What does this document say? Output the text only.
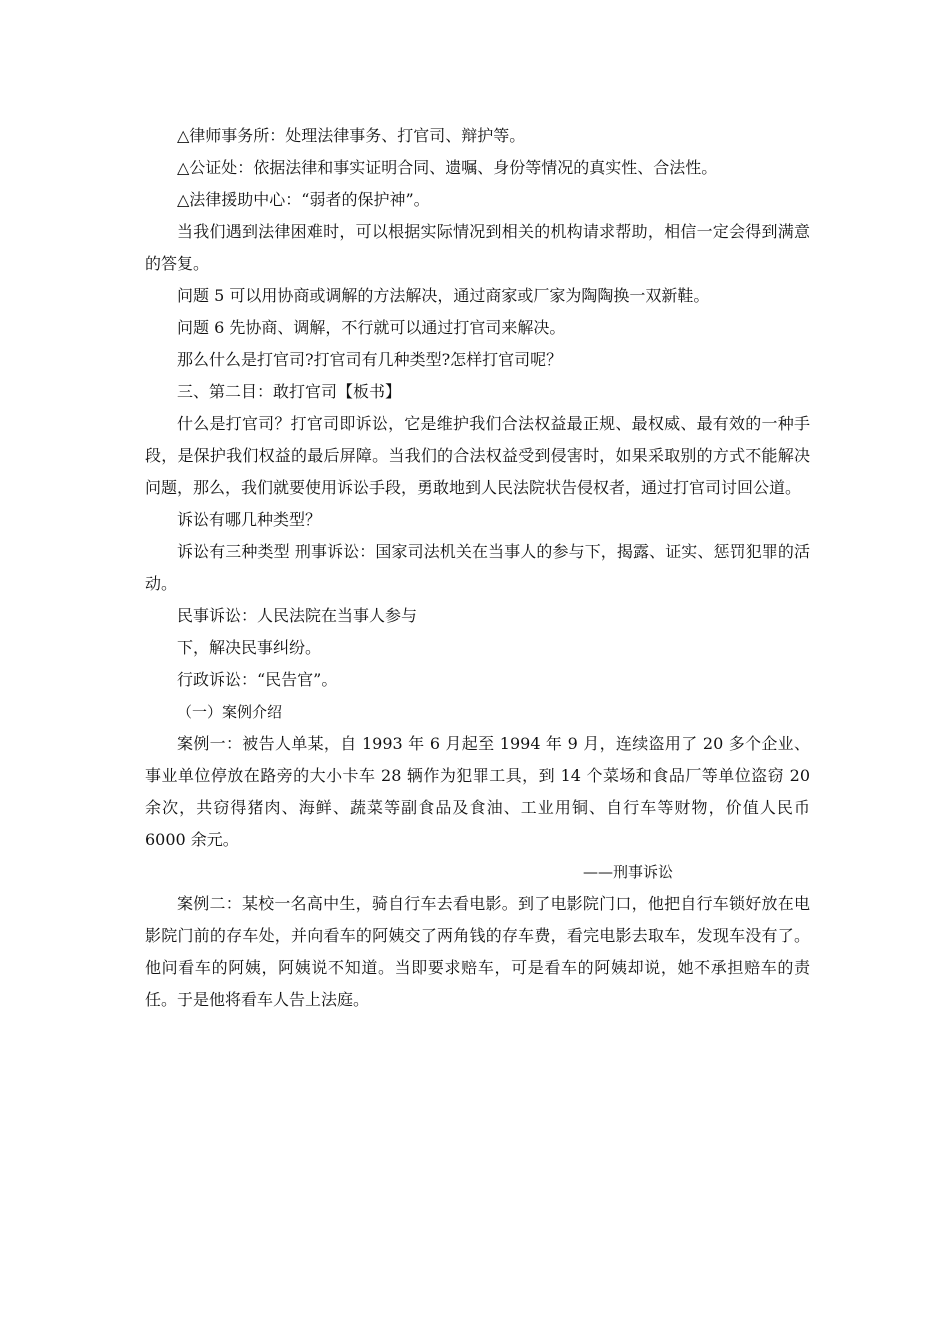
△律师事务所：处理法律事务、打官司、辩护等。

△公证处：依据法律和事实证明合同、遗嘱、身份等情况的真实性、合法性。

△法律援助中心：“弱者的保护神”。

当我们遇到法律困难时，可以根据实际情况到相关的机构请求帮助，相信一定会得到满意的答复。

问题 5 可以用协商或调解的方法解决，通过商家或厂家为陶陶换一双新鞋。

问题 6 先协商、调解，不行就可以通过打官司来解决。

那么什么是打官司?打官司有几种类型?怎样打官司呢？

三、第二目：敢打官司【板书】

什么是打官司？打官司即诉讼，它是维护我们合法权益最正规、最权威、最有效的一种手段，是保护我们权益的最后屏障。当我们的合法权益受到侵害时，如果采取别的方式不能解决问题，那么，我们就要使用诉讼手段，勇敢地到人民法院状告侵权者，通过打官司讨回公道。

诉讼有哪几种类型？

诉讼有三种类型 刑事诉讼：国家司法机关在当事人的参与下，揭露、证实、惩罚犯罪的活动。

民事诉讼：人民法院在当事人参与

下，解决民事纠纷。

行政诉讼：“民告官”。

（一）案例介绍

案例一：被告人单某，自 1993 年 6 月起至 1994 年 9 月，连续盗用了 20 多个企业、事业单位停放在路旁的大小卡车 28 辆作为犯罪工具，到 14 个菜场和食品厂等单位盗窃 20 余次，共窃得猪肉、海鲜、蔬菜等副食品及食油、工业用铜、自行车等财物，价值人民币 6000 余元。

——刑事诉讼

案例二：某校一名高中生，骑自行车去看电影。到了电影院门口，他把自行车锁好放在电影院门前的存车处，并向看车的阿姨交了两角钱的存车费，看完电影去取车，发现车没有了。他问看车的阿姨，阿姨说不知道。当即要求赔车，可是看车的阿姨却说，她不承担赔车的责任。于是他将看车人告上法庭。
